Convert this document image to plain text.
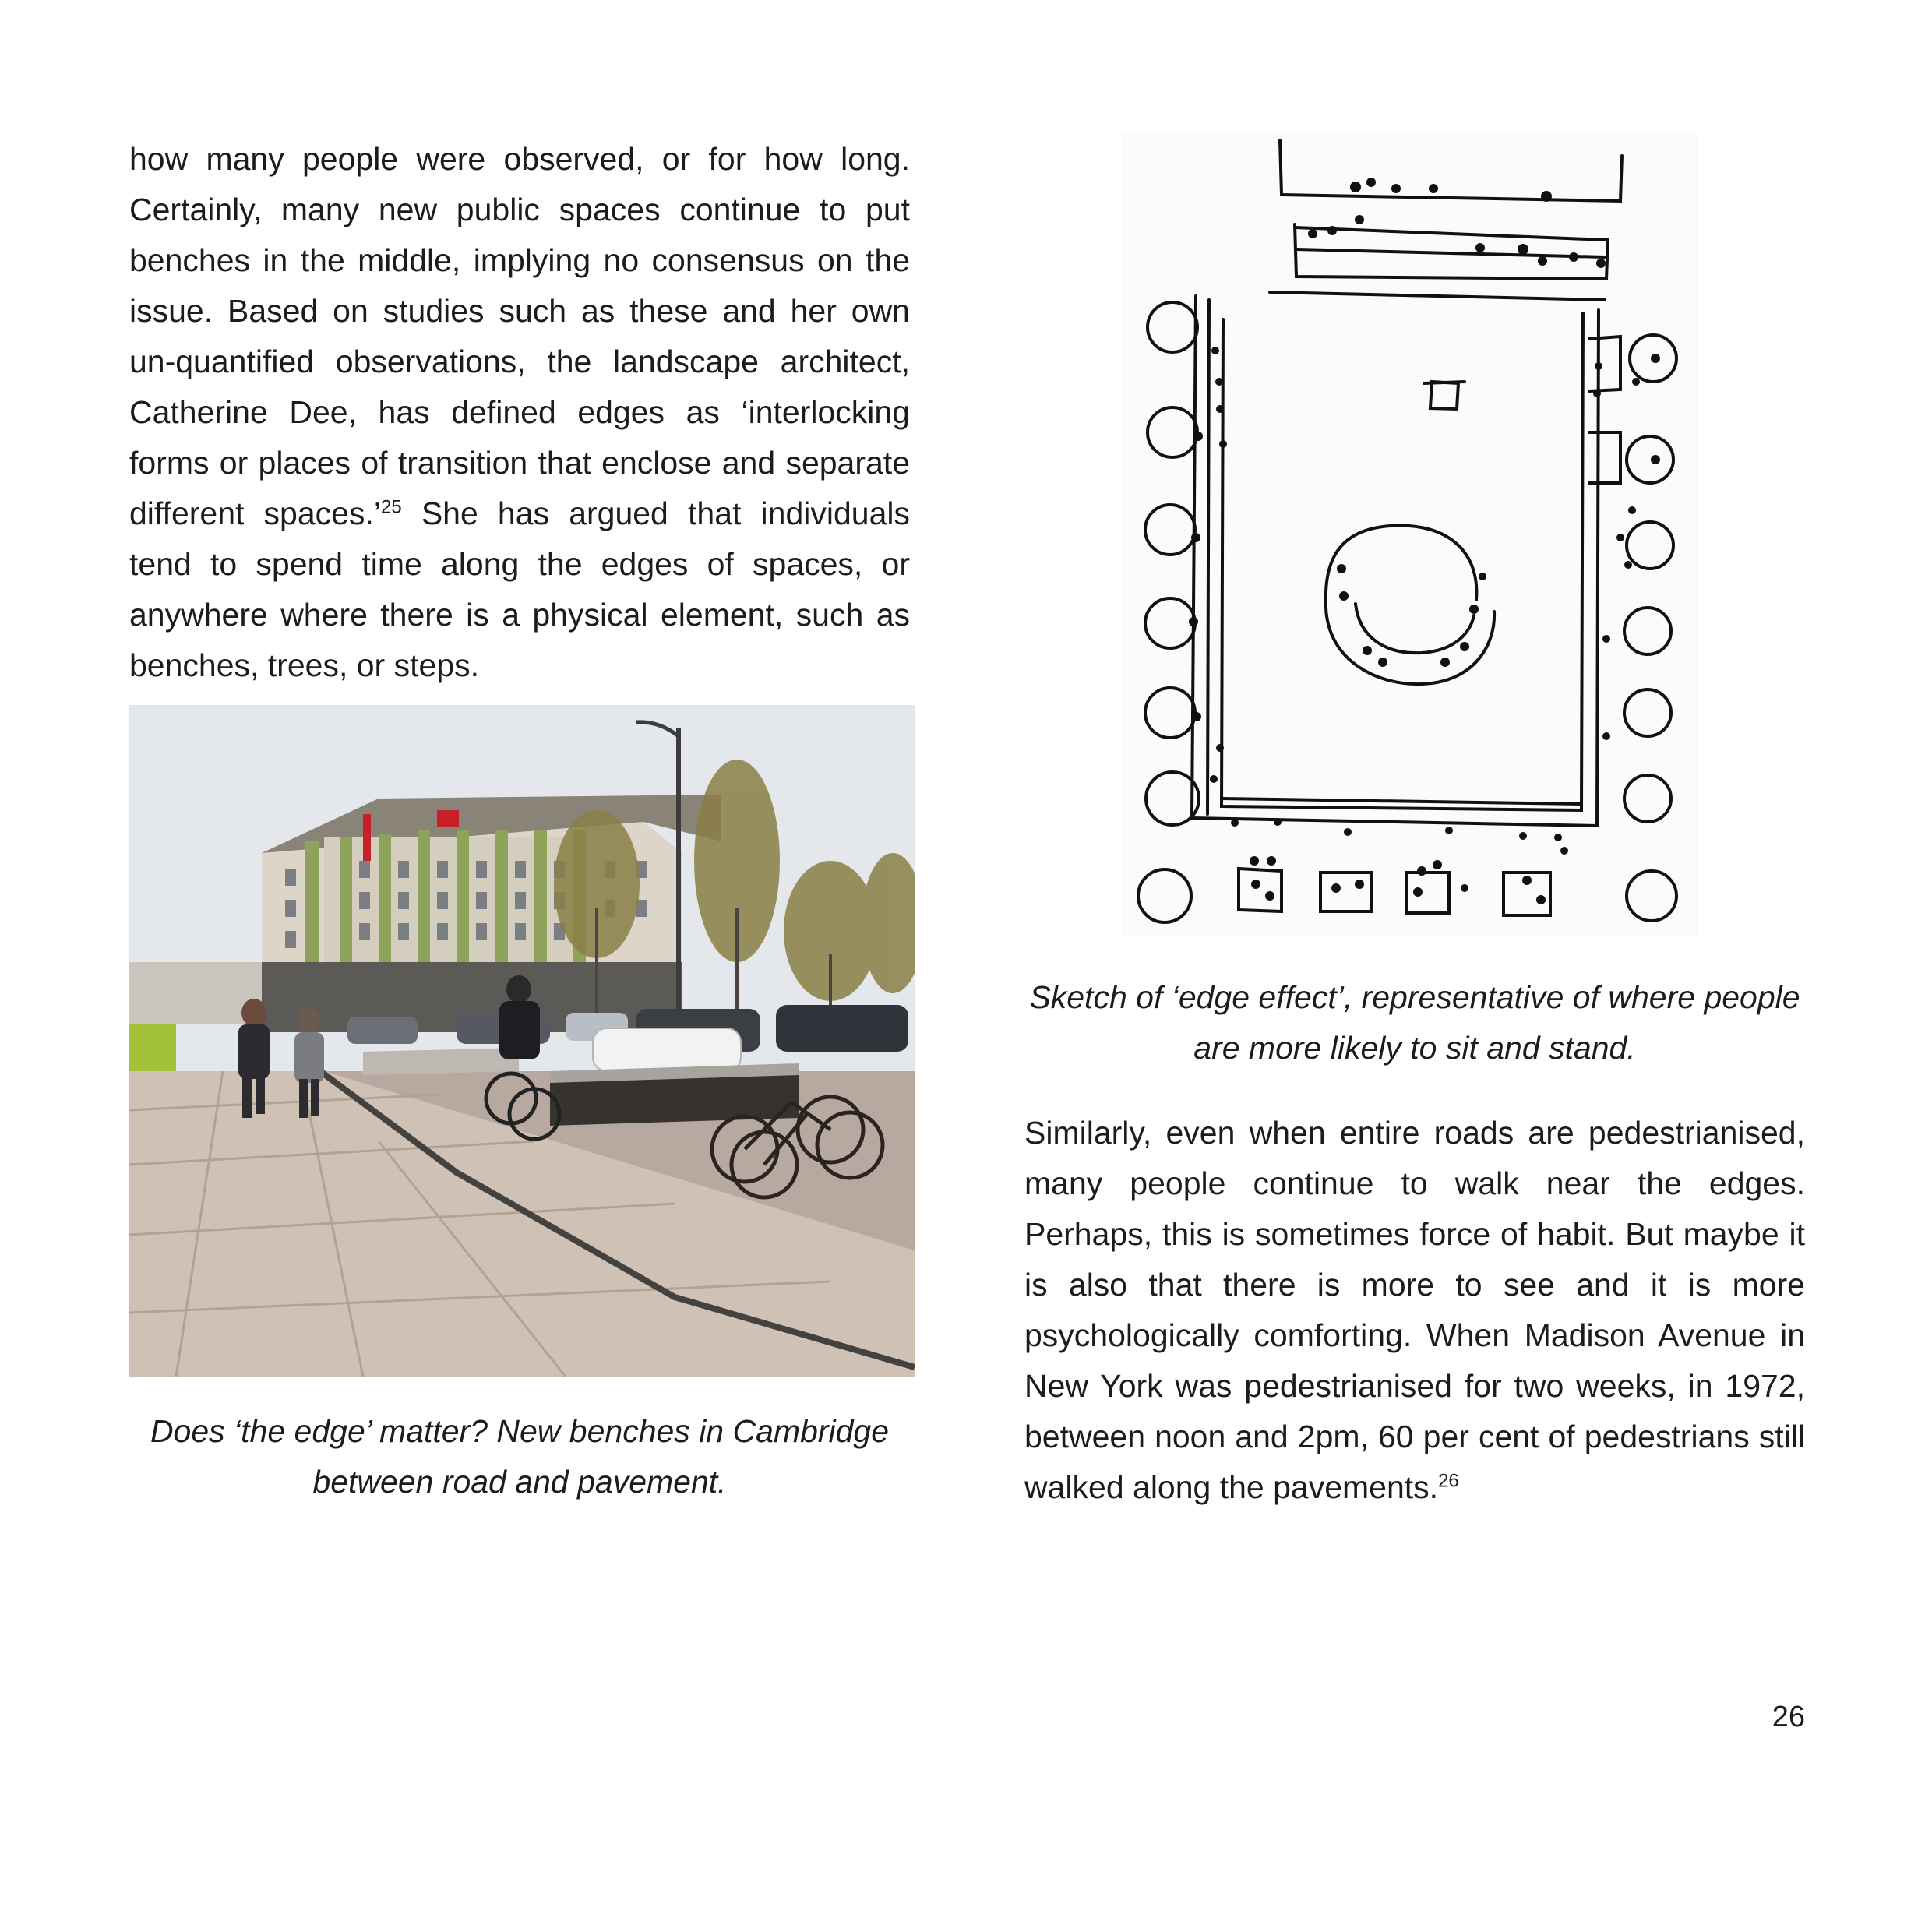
how many people were observed, or for how long. Certainly, many new public spaces continue to put benches in the middle, implying no consensus on the issue. Based on studies such as these and her own un-quantified observations, the landscape architect, Catherine Dee, has defined edges as ‘interlocking forms or places of transition that enclose and separate different spaces.’$^{25}$ She has argued that individuals tend to spend time along the edges of spaces, or anywhere where there is a physical element, such as benches, trees, or steps.

Does ‘the edge’ matter? New benches in Cambridge
between road and pavement.
Sketch of ‘edge effect’, representative of where people
are more likely to sit and stand.

Similarly, even when entire roads are pedestrianised, many people continue to walk near the edges. Perhaps, this is sometimes force of habit. But maybe it is also that there is more to see and it is more psychologically comforting. When Madison Avenue in New York was pedestrianised for two weeks, in 1972, between noon and 2pm, 60 per cent of pedestrians still walked along the pavements.$^{26}$

26
